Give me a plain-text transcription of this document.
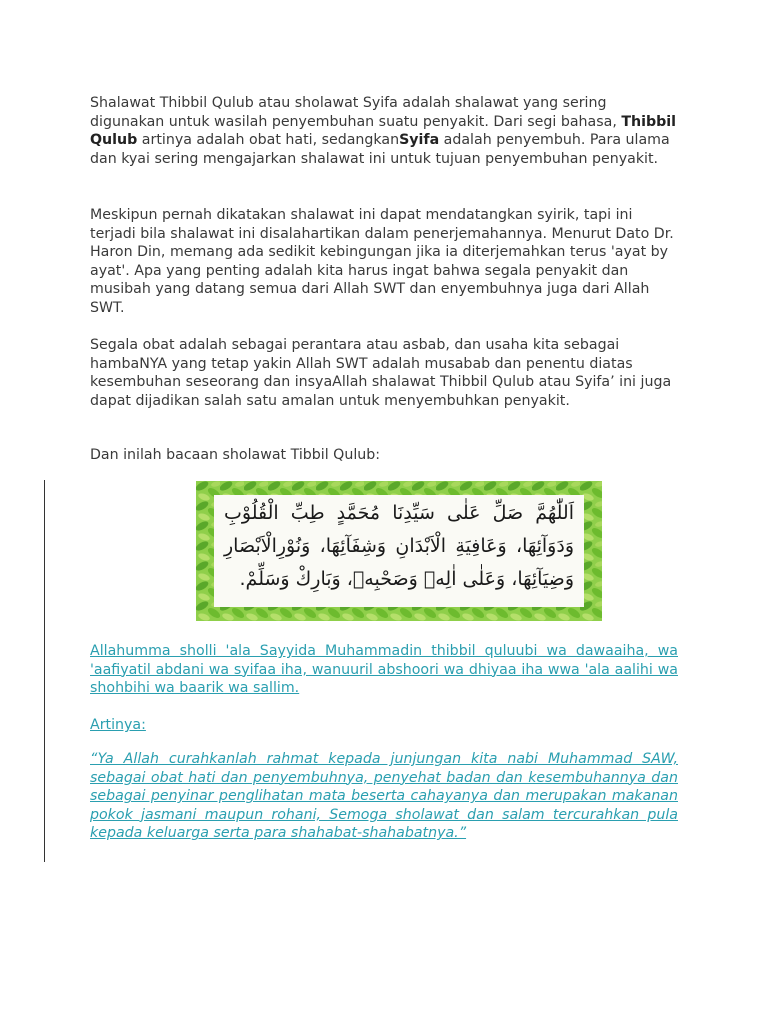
Shalawat Thibbil Qulub atau sholawat Syifa adalah shalawat yang sering digunakan untuk wasilah penyembuhan suatu penyakit. Dari segi bahasa, Thibbil Qulub artinya adalah obat hati, sedangkanSyifa adalah penyembuh. Para ulama dan kyai sering mengajarkan shalawat ini untuk tujuan penyembuhan penyakit.

Meskipun pernah dikatakan shalawat ini dapat mendatangkan syirik, tapi ini terjadi bila shalawat ini disalahartikan dalam penerjemahannya. Menurut Dato Dr. Haron Din, memang ada sedikit kebingungan jika ia diterjemahkan terus 'ayat by ayat'. Apa yang penting adalah kita harus ingat bahwa segala penyakit dan musibah yang datang semua dari Allah SWT dan enyembuhnya juga dari Allah SWT.

Segala obat adalah sebagai perantara atau asbab, dan usaha kita sebagai hambaNYA yang tetap yakin Allah SWT adalah musabab dan penentu diatas kesembuhan seseorang dan insyaAllah shalawat Thibbil Qulub atau Syifa’ ini juga dapat dijadikan salah satu amalan untuk menyembuhkan penyakit.

Dan inilah bacaan sholawat Tibbil Qulub:

اَللّٰهُمَّ صَلِّ عَلٰى سَيِّدِنَا مُحَمَّدٍ طِبِّ الْقُلُوْبِ وَدَوَآئِهَا، وَعَافِيَةِ الْاَبْدَانِ وَشِفَآئِهَا، وَنُوْرِالْاَبْصَارِ وَضِيَآئِهَا، وَعَلٰى اٰلِهٖ وَصَحْبِهٖ، وَبَارِكْ وَسَلِّمْ.
Allahumma sholli 'ala Sayyida Muhammadin thibbil quluubi wa dawaaiha, wa 'aafiyatil abdani wa syifaa iha, wanuuril abshoori wa dhiyaa iha wwa 'ala aalihi wa shohbihi wa baarik wa sallim.
Artinya:
“Ya Allah curahkanlah rahmat kepada junjungan kita nabi Muhammad SAW, sebagai obat hati dan penyembuhnya, penyehat badan dan kesembuhannya dan sebagai penyinar penglihatan mata beserta cahayanya dan merupakan makanan pokok jasmani maupun rohani, Semoga sholawat dan salam tercurahkan pula kepada keluarga serta para shahabat-shahabatnya.”
